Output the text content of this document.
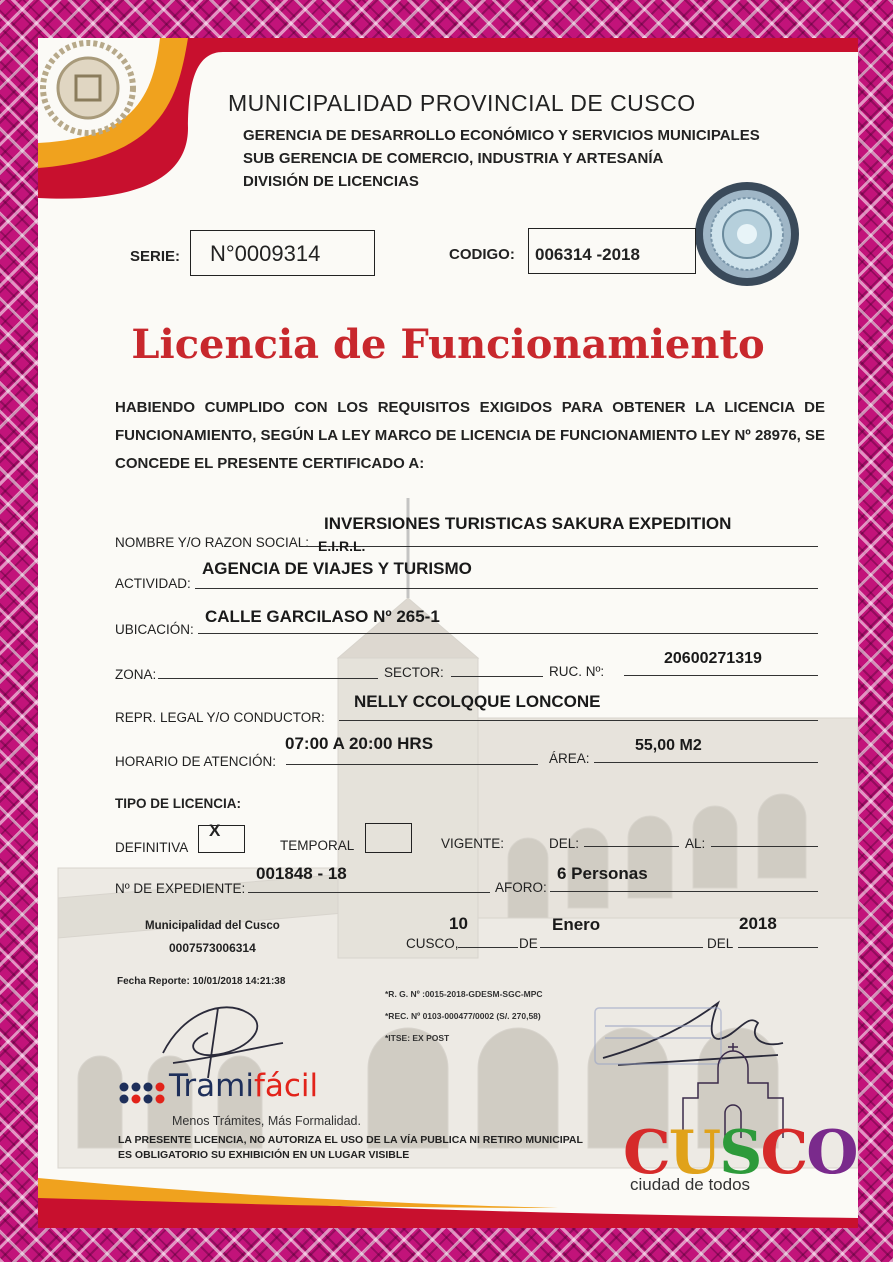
MUNICIPALIDAD PROVINCIAL DE CUSCO
GERENCIA DE DESARROLLO ECONÓMICO Y SERVICIOS MUNICIPALES
SUB GERENCIA DE COMERCIO, INDUSTRIA Y ARTESANÍA
DIVISIÓN DE LICENCIAS
SERIE: N°0009314	CODIGO: 006314 -2018
Licencia de Funcionamiento
HABIENDO CUMPLIDO CON LOS REQUISITOS EXIGIDOS PARA OBTENER LA LICENCIA DE FUNCIONAMIENTO, SEGÚN LA LEY MARCO DE LICENCIA DE FUNCIONAMIENTO LEY Nº 28976, SE CONCEDE EL PRESENTE CERTIFICADO A:
NOMBRE Y/O RAZON SOCIAL:
INVERSIONES TURISTICAS SAKURA EXPEDITION
E.I.R.L.
ACTIVIDAD:
AGENCIA DE VIAJES Y TURISMO
UBICACIÓN:
CALLE GARCILASO Nº 265-1
ZONA:	SECTOR:	RUC. Nº:
20600271319
REPR. LEGAL Y/O CONDUCTOR:
NELLY CCOLQQUE LONCONE
HORARIO DE ATENCIÓN:
07:00 A 20:00 HRS
ÁREA:
55,00 M2
TIPO DE LICENCIA:
DEFINITIVA
X
TEMPORAL	VIGENTE:	DEL:	AL:
Nº DE EXPEDIENTE:
001848 - 18
AFORO:
6 Personas
Municipalidad del Cusco
0007573006314
Fecha Reporte: 10/01/2018 14:21:38
CUSCO,
10
DE
Enero
DEL
2018
*R. G. Nº :0015-2018-GDESM-SGC-MPC
*REC. Nº 0103-000477/0002 (S/. 270,58)
*ITSE: EX POST
Tramifácil
Menos Trámites, Más Formalidad.
LA PRESENTE LICENCIA, NO AUTORIZA EL USO DE LA VÍA PUBLICA NI RETIRO MUNICIPAL
ES OBLIGATORIO SU EXHIBICIÓN EN UN LUGAR VISIBLE	CUSCO
ciudad de todos
